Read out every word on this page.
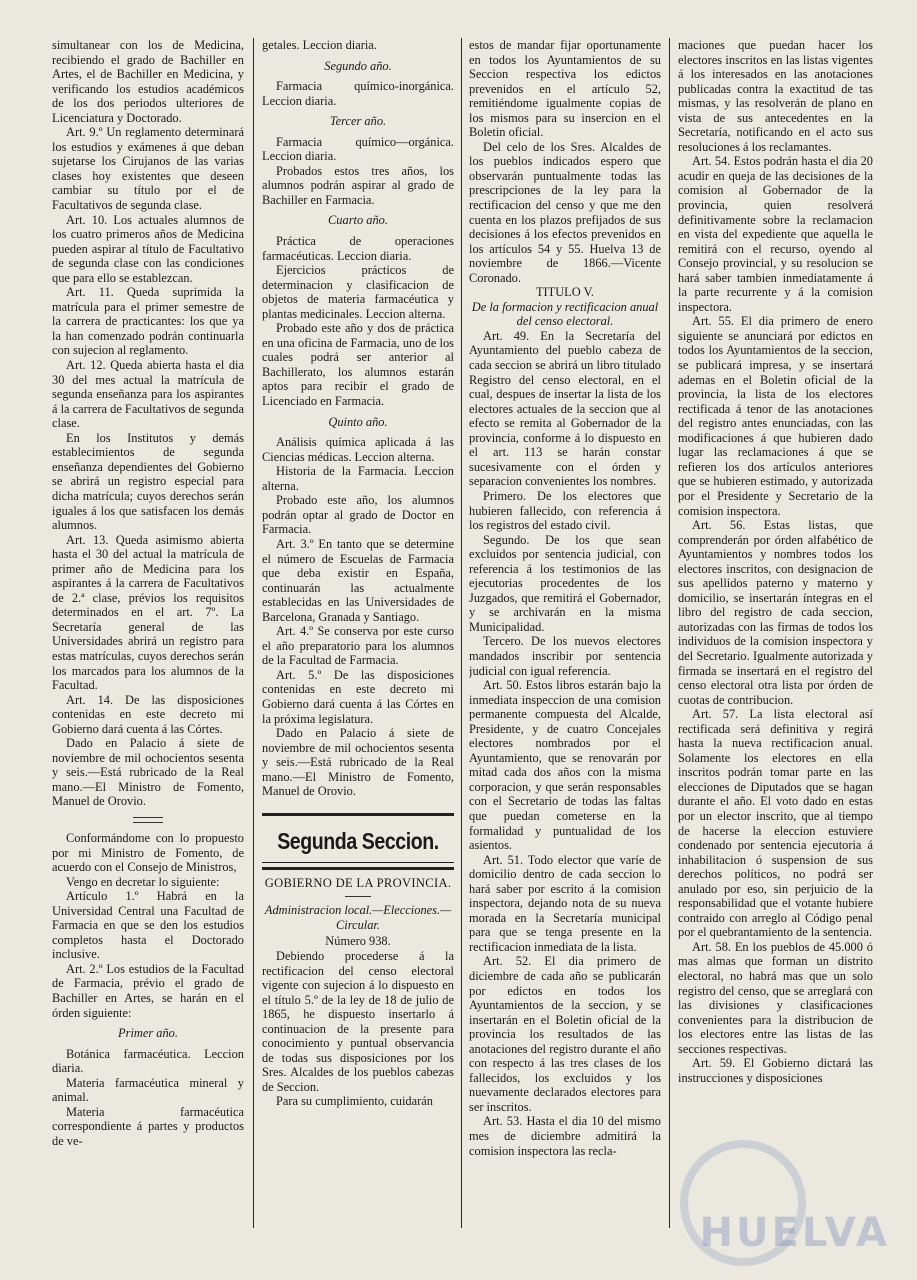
simultanear con los de Medicina, recibiendo el grado de Bachiller en Artes, el de Bachiller en Medicina, y verificando los estudios académicos de los dos periodos ulteriores de Licenciatura y Doctorado.

Art. 9.º Un reglamento determinará los estudios y exámenes á que deban sujetarse los Cirujanos de las varias clases hoy existentes que deseen cambiar su título por el de Facultativos de segunda clase.

Art. 10. Los actuales alumnos de los cuatro primeros años de Medicina pueden aspirar al título de Facultativo de segunda clase con las condiciones que para ello se establezcan.

Art. 11. Queda suprimida la matrícula para el primer semestre de la carrera de practicantes: los que ya la han comenzado podrán continuarla con sujecion al reglamento.

Art. 12. Queda abierta hasta el dia 30 del mes actual la matrícula de segunda enseñanza para los aspirantes á la carrera de Facultativos de segunda clase.

En los Institutos y demás establecimientos de segunda enseñanza dependientes del Gobierno se abrirá un registro especial para dicha matrícula; cuyos derechos serán iguales á los que satisfacen los demás alumnos.

Art. 13. Queda asimismo abierta hasta el 30 del actual la matrícula de primer año de Medicina para los aspirantes á la carrera de Facultativos de 2.ª clase, prévios los requisitos determinados en el art. 7º. La Secretaría general de las Universidades abrirá un registro para estas matrículas, cuyos derechos serán los marcados para los alumnos de la Facultad.

Art. 14. De las disposiciones contenidas en este decreto mi Gobierno dará cuenta á las Córtes.

Dado en Palacio á siete de noviembre de mil ochocientos sesenta y seis.—Está rubricado de la Real mano.—El Ministro de Fomento, Manuel de Orovio.

Conformándome con lo propuesto por mi Ministro de Fomento, de acuerdo con el Consejo de Ministros,

Vengo en decretar lo siguiente:

Artículo 1.º Habrá en la Universidad Central una Facultad de Farmacia en que se den los estudios completos hasta el Doctorado inclusive.

Art. 2.º Los estudios de la Facultad de Farmacia, prévio el grado de Bachiller en Artes, se harán en el órden siguiente:

Primer año.

Botánica farmacéutica. Leccion diaria.

Materia farmacéutica mineral y animal.

Materia farmacéutica correspondiente á partes y productos de ve-

getales. Leccion diaria.

Segundo año.

Farmacia químico-inorgánica. Leccion diaria.

Tercer año.

Farmacia químico—orgánica. Leccion diaria.

Probados estos tres años, los alumnos podrán aspirar al grado de Bachiller en Farmacia.

Cuarto año.

Práctica de operaciones farmacéuticas. Leccion diaria.

Ejercicios prácticos de determinacion y clasificacion de objetos de materia farmacéutica y plantas medicinales. Leccion alterna.

Probado este año y dos de práctica en una oficina de Farmacia, uno de los cuales podrá ser anterior al Bachillerato, los alumnos estarán aptos para recibir el grado de Licenciado en Farmacia.

Quinto año.

Análisis química aplicada á las Ciencias médicas. Leccion alterna.

Historia de la Farmacia. Leccion alterna.

Probado este año, los alumnos podrán optar al grado de Doctor en Farmacia.

Art. 3.º En tanto que se determine el número de Escuelas de Farmacia que deba existir en España, continuarán las actualmente establecidas en las Universidades de Barcelona, Granada y Santiago.

Art. 4.º Se conserva por este curso el año preparatorio para los alumnos de la Facultad de Farmacia.

Art. 5.º De las disposiciones contenidas en este decreto mi Gobierno dará cuenta á las Córtes en la próxima legislatura.

Dado en Palacio á siete de noviembre de mil ochocientos sesenta y seis.—Está rubricado de la Real mano.—El Ministro de Fomento, Manuel de Orovio.

Segunda Seccion.

GOBIERNO DE LA PROVINCIA.

Administracion local.—Elecciones.—Circular.

Número 938.

Debiendo procederse á la rectificacion del censo electoral vigente con sujecion á lo dispuesto en el título 5.º de la ley de 18 de julio de 1865, he dispuesto insertarlo á continuacion de la presente para conocimiento y puntual observancia de todas sus disposiciones por los Sres. Alcaldes de los pueblos cabezas de Seccion.

Para su cumplimiento, cuidarán

estos de mandar fijar oportunamente en todos los Ayuntamientos de su Seccion respectiva los edictos prevenidos en el artículo 52, remitiéndome igualmente copias de los mismos para su insercion en el Boletin oficial.

Del celo de los Sres. Alcaldes de los pueblos indicados espero que observarán puntualmente todas las prescripciones de la ley para la rectificacion del censo y que me den cuenta en los plazos prefijados de sus decisiones á los efectos prevenidos en los artículos 54 y 55. Huelva 13 de noviembre de 1866.—Vicente Coronado.

TITULO V.

De la formacion y rectificacion anual del censo electoral.

Art. 49. En la Secretaría del Ayuntamiento del pueblo cabeza de cada seccion se abrirá un libro titulado Registro del censo electoral, en el cual, despues de insertar la lista de los electores actuales de la seccion que al efecto se remita al Gobernador de la provincia, conforme á lo dispuesto en el art. 113 se harán constar sucesivamente con el órden y separacion convenientes los nombres.

Primero. De los electores que hubieren fallecido, con referencia á los registros del estado civil.

Segundo. De los que sean excluidos por sentencia judicial, con referencia á los testimonios de las ejecutorias procedentes de los Juzgados, que remitirá el Gobernador, y se archivarán en la misma Municipalidad.

Tercero. De los nuevos electores mandados inscribir por sentencia judicial con igual referencia.

Art. 50. Estos libros estarán bajo la inmediata inspeccion de una comision permanente compuesta del Alcalde, Presidente, y de cuatro Concejales electores nombrados por el Ayuntamiento, que se renovarán por mitad cada dos años con la misma corporacion, y que serán responsables con el Secretario de todas las faltas que puedan cometerse en la formalidad y puntualidad de los asientos.

Art. 51. Todo elector que varíe de domicilio dentro de cada seccion lo hará saber por escrito á la comision inspectora, dejando nota de su nueva morada en la Secretaría municipal para que se tenga presente en la rectificacion inmediata de la lista.

Art. 52. El dia primero de diciembre de cada año se publicarán por edictos en todos los Ayuntamientos de la seccion, y se insertarán en el Boletin oficial de la provincia los resultados de las anotaciones del registro durante el año con respecto á las tres clases de los fallecidos, los excluidos y los nuevamente declarados electores para ser inscritos.

Art. 53. Hasta el dia 10 del mismo mes de diciembre admitirá la comision inspectora las recla-

maciones que puedan hacer los electores inscritos en las listas vigentes á los interesados en las anotaciones publicadas contra la exactitud de tas mismas, y las resolverán de plano en vista de sus antecedentes en la Secretaría, notificando en el acto sus resoluciones á los reclamantes.

Art. 54. Estos podrán hasta el dia 20 acudir en queja de las decisiones de la comision al Gobernador de la provincia, quien resolverá definitivamente sobre la reclamacion en vista del expediente que aquella le remitirá con el recurso, oyendo al Consejo provincial, y su resolucion se hará saber tambien inmediatamente á la parte recurrente y á la comision inspectora.

Art. 55. El dia primero de enero siguiente se anunciará por edictos en todos los Ayuntamientos de la seccion, se publicará impresa, y se insertará ademas en el Boletin oficial de la provincia, la lista de los electores rectificada á tenor de las anotaciones del registro antes enunciadas, con las modificaciones á que hubieren dado lugar las reclamaciones á que se refieren los dos artículos anteriores que se hubieren estimado, y autorizada por el Presidente y Secretario de la comision inspectora.

Art. 56. Estas listas, que comprenderán por órden alfabético de Ayuntamientos y nombres todos los electores inscritos, con designacion de sus apellidos paterno y materno y domicilio, se insertarán íntegras en el libro del registro de cada seccion, autorizadas con las firmas de todos los individuos de la comision inspectora y del Secretario. Igualmente autorizada y firmada se insertará en el registro del censo electoral otra lista por órden de cuotas de contribucion.

Art. 57. La lista electoral así rectificada será definitiva y regirá hasta la nueva rectificacion anual. Solamente los electores en ella inscritos podrán tomar parte en las elecciones de Diputados que se hagan durante el año. El voto dado en estas por un elector inscrito, que al tiempo de hacerse la eleccion estuviere condenado por sentencia ejecutoria á inhabilitacion ó suspension de sus derechos políticos, no podrá ser anulado por eso, sin perjuicio de la responsabilidad que el votante hubiere contraido con arreglo al Código penal por el quebrantamiento de la sentencia.

Art. 58. En los pueblos de 45.000 ó mas almas que forman un distrito electoral, no habrá mas que un solo registro del censo, que se arreglará con las divisiones y clasificaciones convenientes para la distribucion de los electores entre las listas de las secciones respectivas.

Art. 59. El Gobierno dictará las instrucciones y disposiciones

HUELVA
